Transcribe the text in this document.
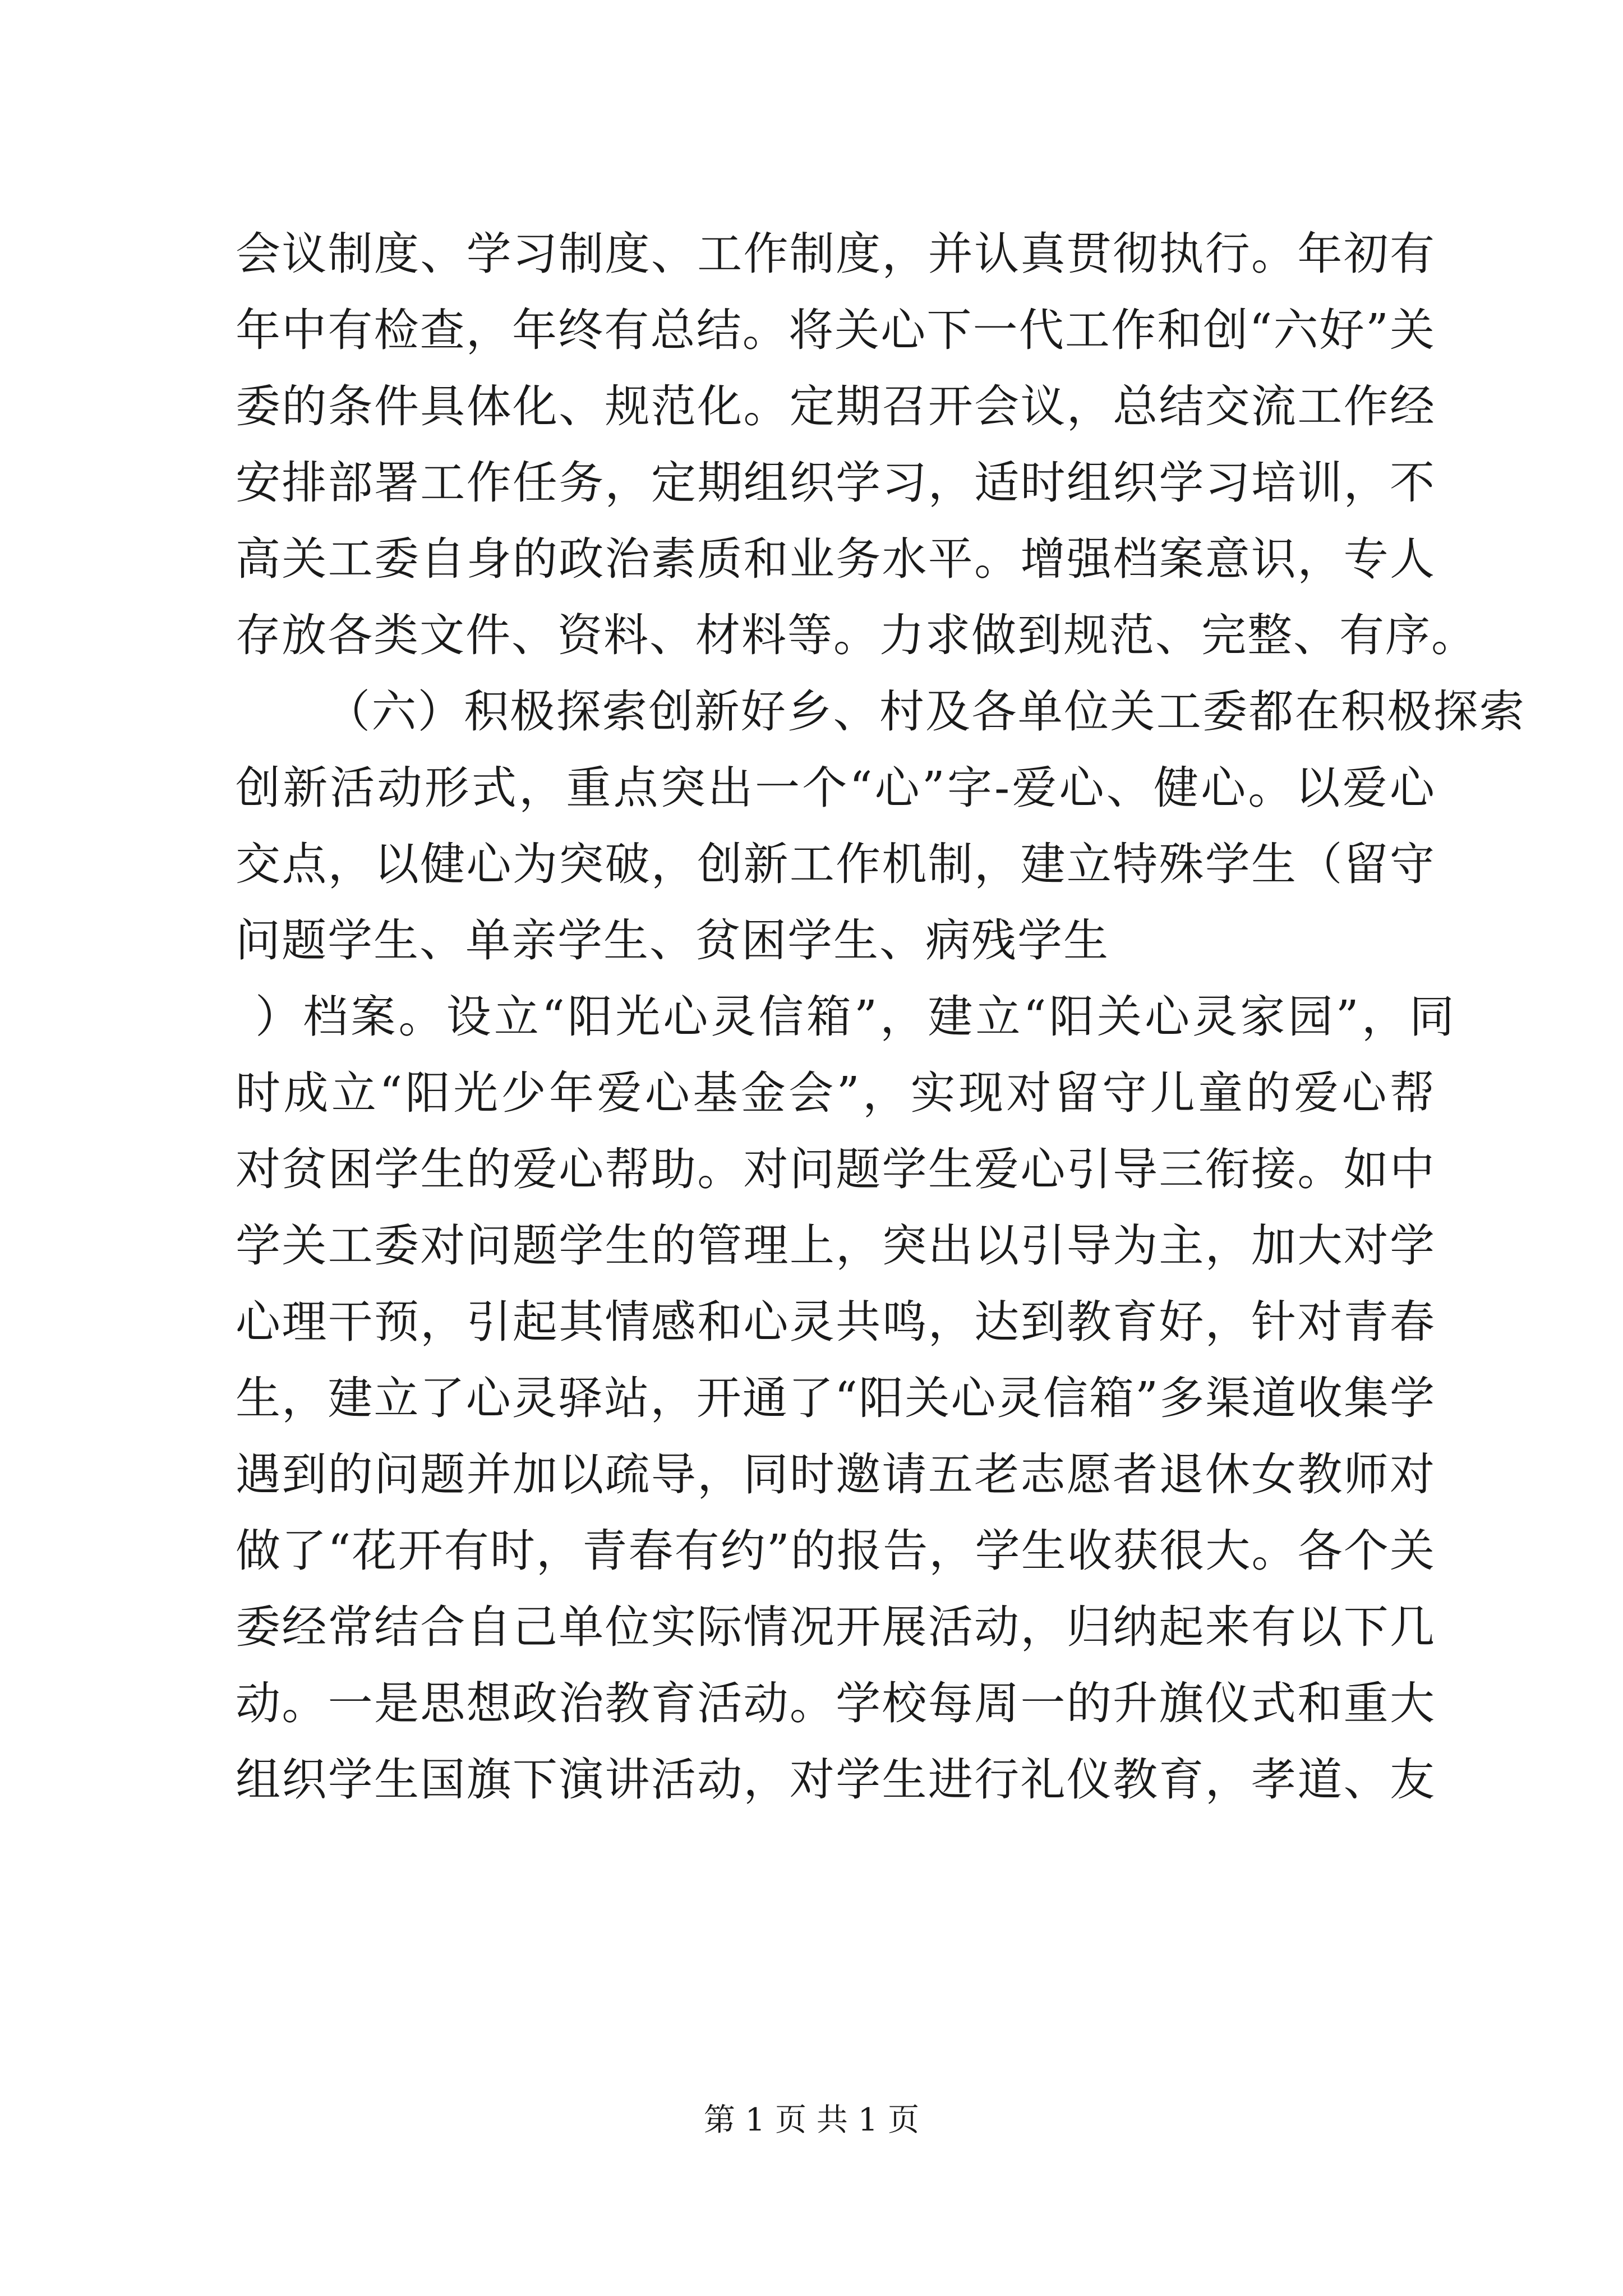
会议制度、学习制度、工作制度，并认真贯彻执行。年初有
年中有检查，年终有总结。将关心下一代工作和创“六好”关
委的条件具体化、规范化。定期召开会议，总结交流工作经
安排部署工作任务，定期组织学习，适时组织学习培训，不
高关工委自身的政治素质和业务水平。增强档案意识，专人
存放各类文件、资料、材料等。力求做到规范、完整、有序。
（六）积极探索创新好乡、村及各单位关工委都在积极探索
创新活动形式，重点突出一个“心”字-爱心、健心。以爱心
交点，以健心为突破，创新工作机制，建立特殊学生（留守
问题学生、单亲学生、贫困学生、病残学生
）档案。设立“阳光心灵信箱”，建立“阳关心灵家园”，同
时成立“阳光少年爱心基金会”，实现对留守儿童的爱心帮
对贫困学生的爱心帮助。对问题学生爱心引导三衔接。如中
学关工委对问题学生的管理上，突出以引导为主，加大对学
心理干预，引起其情感和心灵共鸣，达到教育好，针对青春
生，建立了心灵驿站，开通了“阳关心灵信箱”多渠道收集学
遇到的问题并加以疏导，同时邀请五老志愿者退休女教师对
做了“花开有时，青春有约”的报告，学生收获很大。各个关
委经常结合自己单位实际情况开展活动，归纳起来有以下几
动。一是思想政治教育活动。学校每周一的升旗仪式和重大
组织学生国旗下演讲活动，对学生进行礼仪教育，孝道、友
第 1 页 共 1 页
